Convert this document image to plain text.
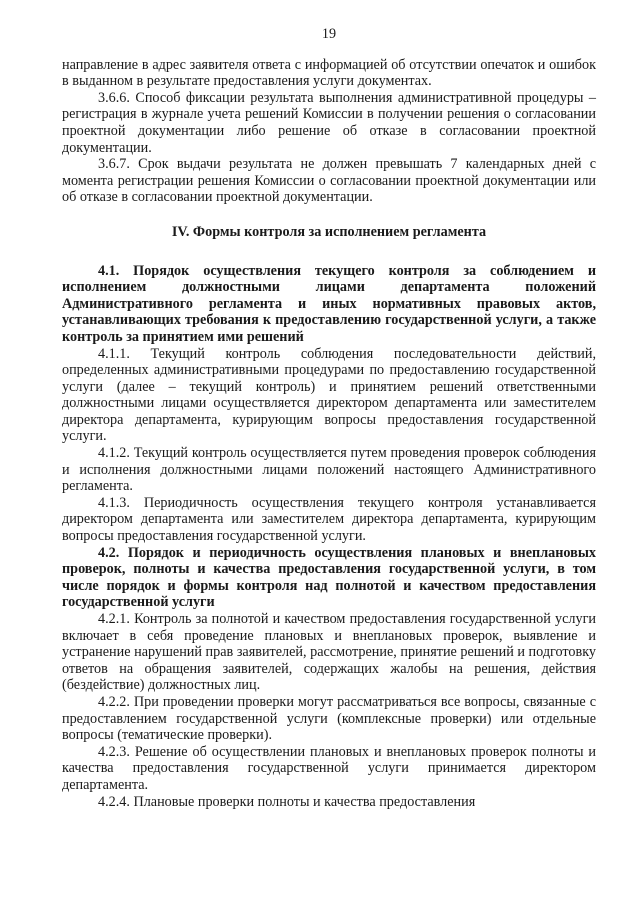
19

направление в адрес заявителя ответа с информацией об отсутствии опечаток и ошибок в выданном в результате предоставления услуги документах.

3.6.6. Способ фиксации результата выполнения административной процедуры – регистрация в журнале учета решений Комиссии в получении решения о согласовании проектной документации либо решение об отказе в согласовании проектной документации.

3.6.7. Срок выдачи результата не должен превышать 7 календарных дней с момента регистрации решения Комиссии о согласовании проектной документации или об отказе в согласовании проектной документации.

IV. Формы контроля за исполнением регламента

4.1. Порядок осуществления текущего контроля за соблюдением и исполнением должностными лицами департамента положений Административного регламента и иных нормативных правовых актов, устанавливающих требования к предоставлению государственной услуги, а также контроль за принятием ими решений

4.1.1. Текущий контроль соблюдения последовательности действий, определенных административными процедурами по предоставлению государственной услуги (далее – текущий контроль) и принятием решений ответственными должностными лицами осуществляется директором департамента или заместителем директора департамента, курирующим вопросы предоставления государственной услуги.

4.1.2. Текущий контроль осуществляется путем проведения проверок соблюдения и исполнения должностными лицами положений настоящего Административного регламента.

4.1.3. Периодичность осуществления текущего контроля устанавливается директором департамента или заместителем директора департамента, курирующим вопросы предоставления государственной услуги.

4.2. Порядок и периодичность осуществления плановых и внеплановых проверок, полноты и качества предоставления государственной услуги, в том числе порядок и формы контроля над полнотой и качеством предоставления государственной услуги

4.2.1. Контроль за полнотой и качеством предоставления государственной услуги включает в себя проведение плановых и внеплановых проверок, выявление и устранение нарушений прав заявителей, рассмотрение, принятие решений и подготовку ответов на обращения заявителей, содержащих жалобы на решения, действия (бездействие) должностных лиц.

4.2.2. При проведении проверки могут рассматриваться все вопросы, связанные с предоставлением государственной услуги (комплексные проверки) или отдельные вопросы (тематические проверки).

4.2.3. Решение об осуществлении плановых и внеплановых проверок полноты и качества предоставления государственной услуги принимается директором департамента.

4.2.4. Плановые проверки полноты и качества предоставления
